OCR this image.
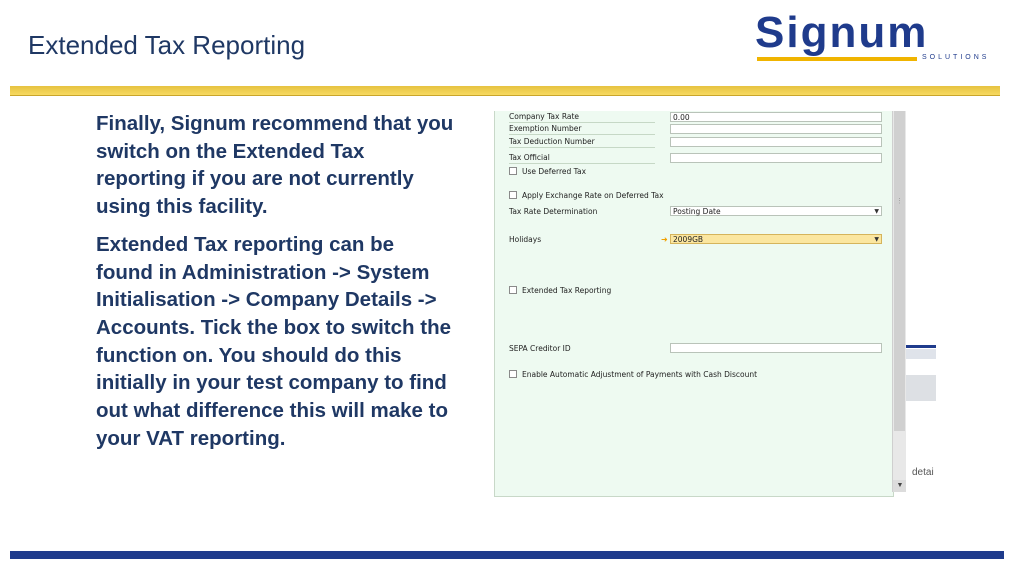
Extended Tax Reporting	Signum
SOLUTIONS

Finally, Signum recommend that you switch on the Extended Tax reporting if you are not currently using this facility.

Extended Tax reporting can be found in Administration -> System Initialisation -> Company Details -> Accounts. Tick the box to switch the function on. You should do this initially in your test company to find out what difference this will make to your VAT reporting.

Company Tax Rate	0.00
Exemption Number
Tax Deduction Number
Tax Official
Use Deferred Tax
Apply Exchange Rate on Deferred Tax
Tax Rate Determination	Posting Date ▼
Holidays	➜ 2009GB ▼
Extended Tax Reporting
SEPA Creditor ID
Enable Automatic Adjustment of Payments with Cash Discount
⋮
▼
detai
